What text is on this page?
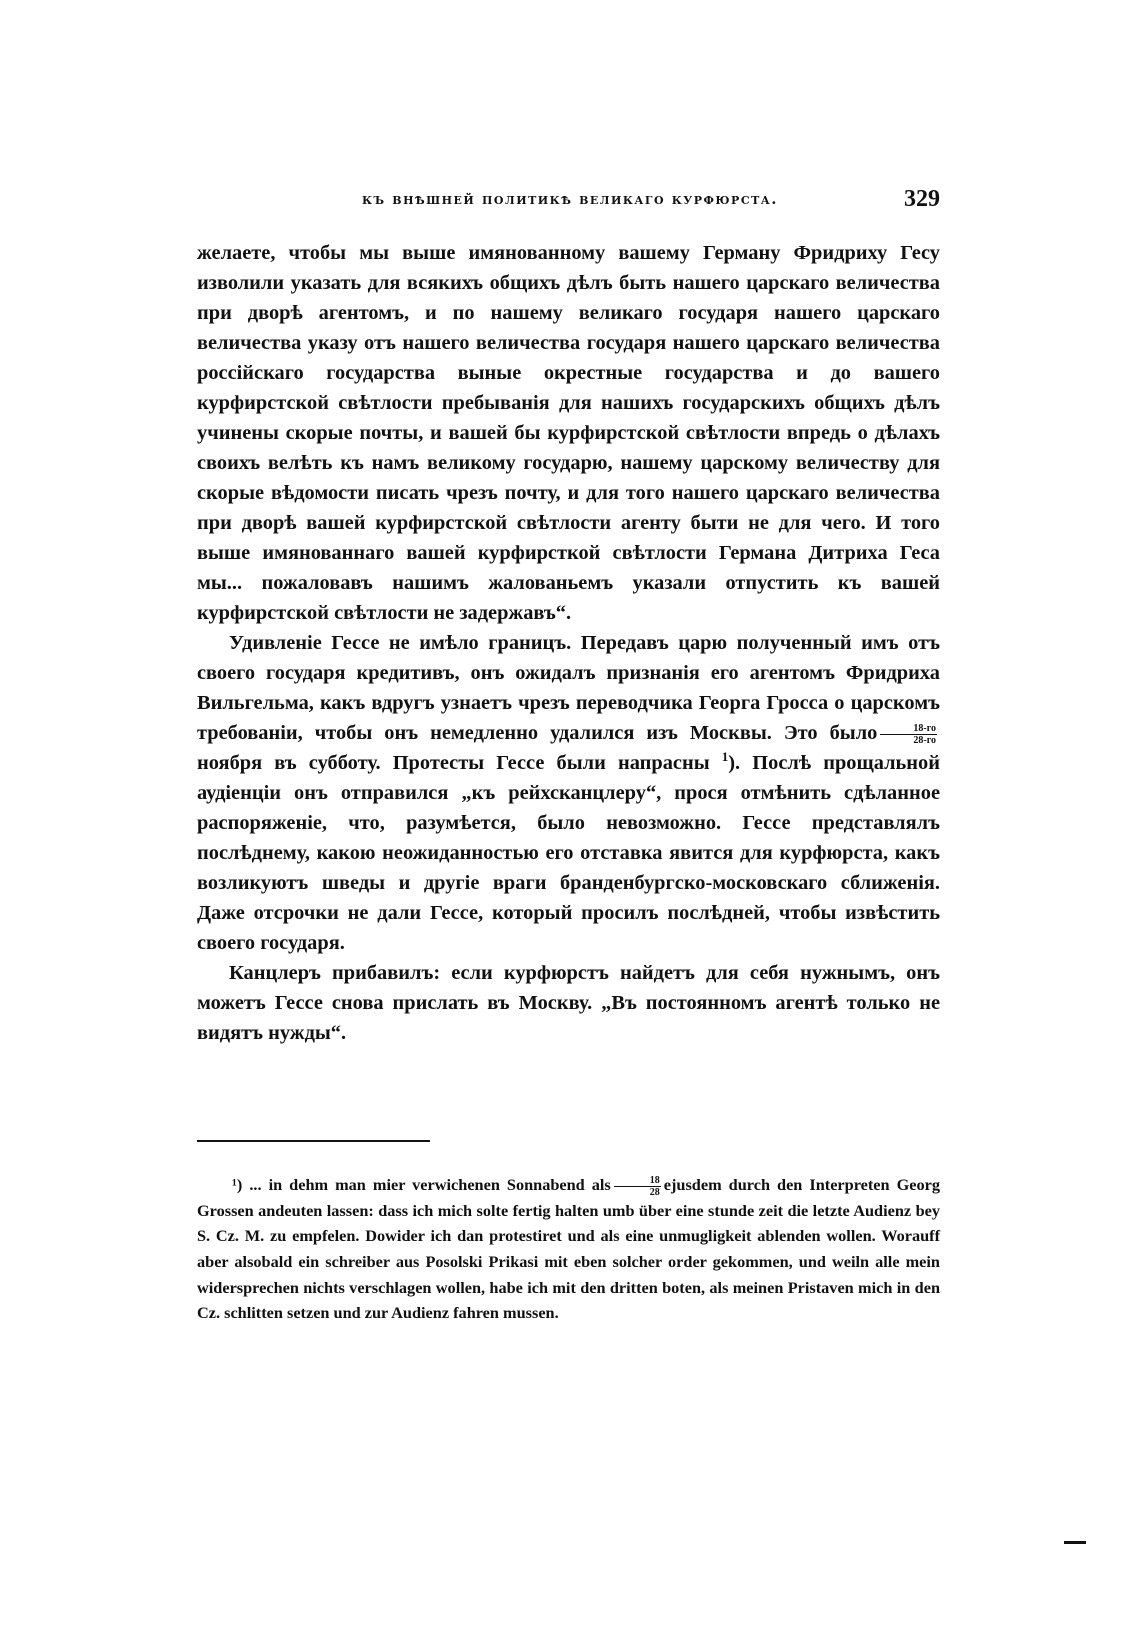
къ внѣшней политикѣ великаго курфюрста.	329

желаете, чтобы мы выше имянованному вашему Герману Фридриху Гесу изволили указать для всякихъ общихъ дѣлъ быть нашего царскаго величества при дворѣ агентомъ, и по нашему великаго государя нашего царскаго величества указу отъ нашего величества государя нашего царскаго величества россійскаго государства выные окрестные государства и до вашего курфирстской свѣтлости пребыванія для нашихъ государскихъ общихъ дѣлъ учинены скорые почты, и вашей бы курфирстской свѣтлости впредь о дѣлахъ своихъ велѣть къ намъ великому государю, нашему царскому величеству для скорые вѣдомости писать чрезъ почту, и для того нашего царскаго величества при дворѣ вашей курфирстской свѣтлости агенту быти не для чего. И того выше имянованнаго вашей курфирсткой свѣтлости Германа Дитриха Геса мы... пожаловавъ нашимъ жалованьемъ указали отпустить къ вашей курфирстской свѣтлости не задержавъ“.

Удивленіе Гессе не имѣло границъ. Передавъ царю полученный имъ отъ своего государя кредитивъ, онъ ожидалъ признанія его агентомъ Фридриха Вильгельма, какъ вдругъ узнаетъ чрезъ переводчика Георга Гросса о царскомъ требованіи, чтобы онъ немедленно удалился изъ Москвы. Это было $\frac{18-го}{28-го}$
ноября въ субботу. Протесты Гессе были напрасны $^1$). Послѣ прощальной аудіенціи онъ отправился „къ рейхсканцлеру“, прося отмѣнить сдѣланное распоряженіе, что, разумѣется, было невозможно. Гессе представлялъ послѣднему, какою неожиданностью его отставка явится для курфюрста, какъ возликуютъ шведы и другіе враги бранденбургско-московскаго сближенія. Даже отсрочки не дали Гессе, который просилъ послѣдней, чтобы извѣстить своего государя.

Канцлеръ прибавилъ: если курфюрстъ найдетъ для себя нужнымъ, онъ можетъ Гессе снова прислать въ Москву. „Въ постоянномъ агентѣ только не видятъ нужды“.

¹) ... in dehm man mier verwichenen Sonnabend als $\frac{18}{28}$ ejusdem durch den Interpreten Georg Grossen andeuten lassen: dass ich mich solte fertig halten umb über eine stunde zeit die letzte Audienz bey S. Cz. M. zu empfelen. Dowider ich dan protestiret und als eine unmugligkeit ablenden wollen. Worauff aber alsobald ein schreiber aus Posolski Prikasi mit eben solcher order gekommen, und weiln alle mein widersprechen nichts verschlagen wollen, habe ich mit den dritten boten, als meinen Pristaven mich in den Cz. schlitten setzen und zur Audienz fahren mussen.
